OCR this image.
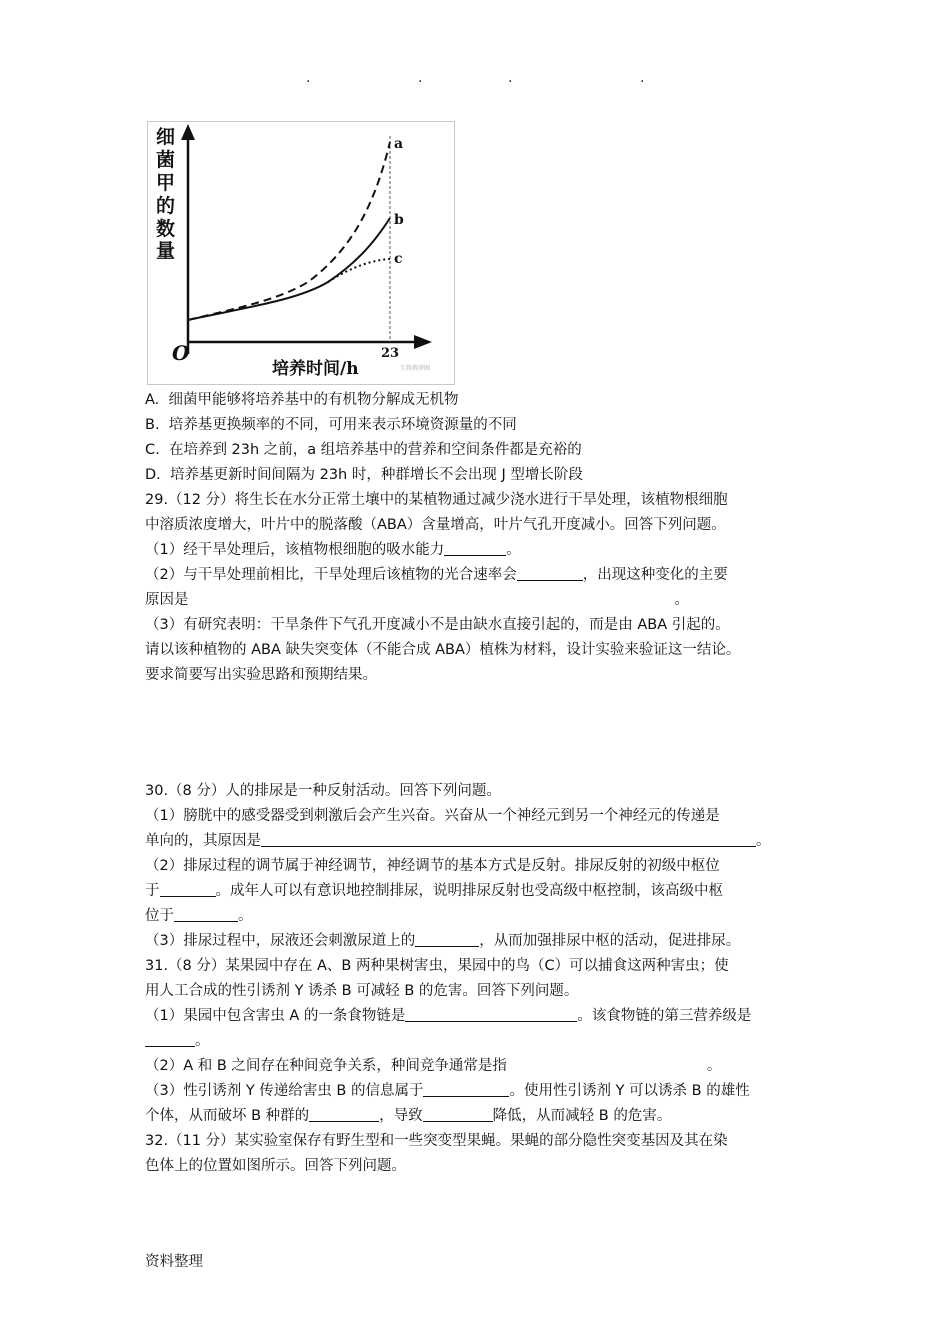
.	.	.	.
细
菌
甲
的
数
量
O
培养时间/h
23
a
b
c
生物教研圈
A.  细菌甲能够将培养基中的有机物分解成无机物
B.  培养基更换频率的不同，可用来表示环境资源量的不同
C.  在培养到 23h 之前，a 组培养基中的营养和空间条件都是充裕的
D.  培养基更新时间间隔为 23h 时，种群增长不会出现 J 型增长阶段
29.（12 分）将生长在水分正常土壤中的某植物通过减少浇水进行干旱处理，该植物根细胞
中溶质浓度增大，叶片中的脱落酸（ABA）含量增高，叶片气孔开度减小。回答下列问题。
（1）经干旱处理后，该植物根细胞的吸水能力	。
（2）与干旱处理前相比，干旱处理后该植物的光合速率会	，出现这种变化的主要
原因是	。
（3）有研究表明：干旱条件下气孔开度减小不是由缺水直接引起的，而是由 ABA 引起的。
请以该种植物的 ABA 缺失突变体（不能合成 ABA）植株为材料，设计实验来验证这一结论。
要求简要写出实验思路和预期结果。
30.（8 分）人的排尿是一种反射活动。回答下列问题。
（1）膀胱中的感受器受到刺激后会产生兴奋。兴奋从一个神经元到另一个神经元的传递是
单向的，其原因是	。
（2）排尿过程的调节属于神经调节，神经调节的基本方式是反射。排尿反射的初级中枢位
于	。成年人可以有意识地控制排尿，说明排尿反射也受高级中枢控制，该高级中枢
位于	。
（3）排尿过程中，尿液还会刺激尿道上的	，从而加强排尿中枢的活动，促进排尿。
31.（8 分）某果园中存在 A、B 两种果树害虫，果园中的鸟（C）可以捕食这两种害虫；使
用人工合成的性引诱剂 Y 诱杀 B 可减轻 B 的危害。回答下列问题。
（1）果园中包含害虫 A 的一条食物链是	。该食物链的第三营养级是
。
（2）A 和 B 之间存在种间竞争关系，种间竞争通常是指	。
（3）性引诱剂 Y 传递给害虫 B 的信息属于	。使用性引诱剂 Y 可以诱杀 B 的雄性
个体，从而破坏 B 种群的	，导致	降低，从而减轻 B 的危害。
32.（11 分）某实验室保存有野生型和一些突变型果蝇。果蝇的部分隐性突变基因及其在染
色体上的位置如图所示。回答下列问题。
资料整理
